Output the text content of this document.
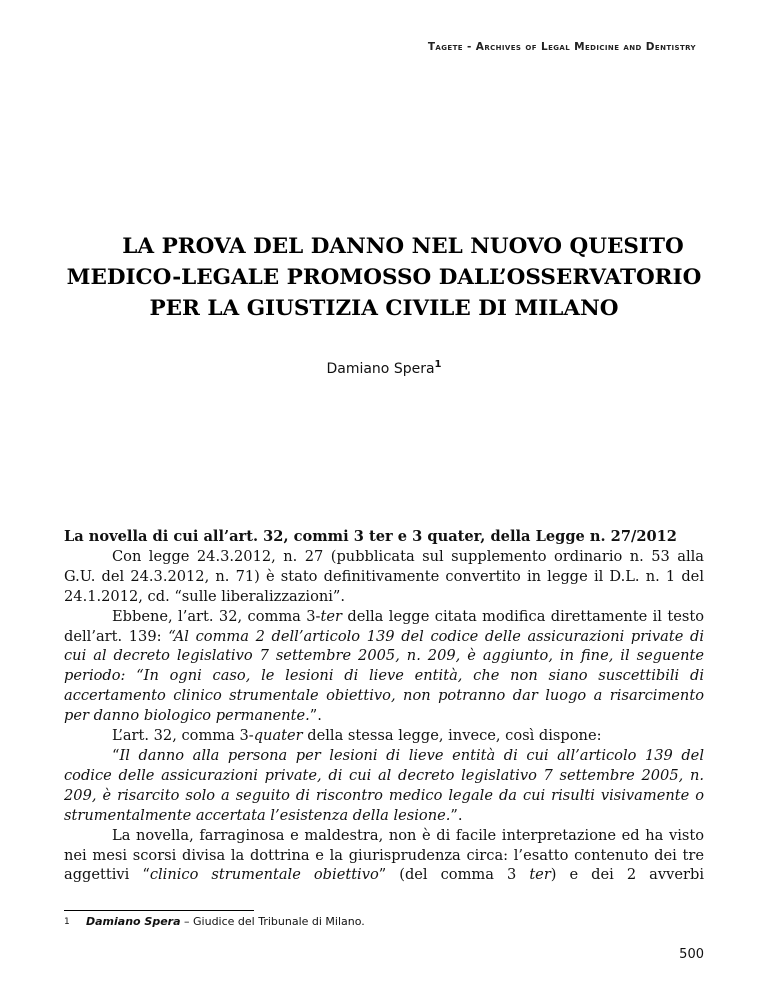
Tagete - Archives of Legal Medicine and Dentistry
LA PROVA DEL DANNO NEL NUOVO QUESITO
MEDICO-LEGALE PROMOSSO DALL’OSSERVATORIO
PER LA GIUSTIZIA CIVILE DI MILANO
Damiano Spera$^1$
La novella di cui all’art. 32, commi 3 ter e 3 quater, della Legge n. 27/2012

Con legge 24.3.2012, n. 27 (pubblicata sul supplemento ordinario n. 53 alla G.U. del 24.3.2012, n. 71) è stato definitivamente convertito in legge il D.L. n. 1 del 24.1.2012, cd. “sulle liberalizzazioni”.

Ebbene, l’art. 32, comma 3-ter della legge citata modifica direttamente il testo dell’art. 139: “Al comma 2 dell’articolo 139 del codice delle assicurazioni private di cui al decreto legislativo 7 settembre 2005, n. 209, è aggiunto, in fine, il seguente periodo: “In ogni caso, le lesioni di lieve entità, che non siano suscettibili di accertamento clinico strumentale obiettivo, non potranno dar luogo a risarcimento per danno biologico permanente.”.

L’art. 32, comma 3-quater della stessa legge, invece, così dispone:

“Il danno alla persona per lesioni di lieve entità di cui all’articolo 139 del codice delle assicurazioni private, di cui al decreto legislativo 7 settembre 2005, n. 209, è risarcito solo a seguito di riscontro medico legale da cui risulti visivamente o strumentalmente accertata l’esistenza della lesione.”.

La novella, farraginosa e maldestra, non è di facile interpretazione ed ha visto nei mesi scorsi divisa la dottrina e la giurisprudenza circa: l’esatto contenuto dei tre aggettivi “clinico strumentale obiettivo” (del comma 3 ter) e dei 2 avverbi

1 Damiano Spera – Giudice del Tribunale di Milano.
500
